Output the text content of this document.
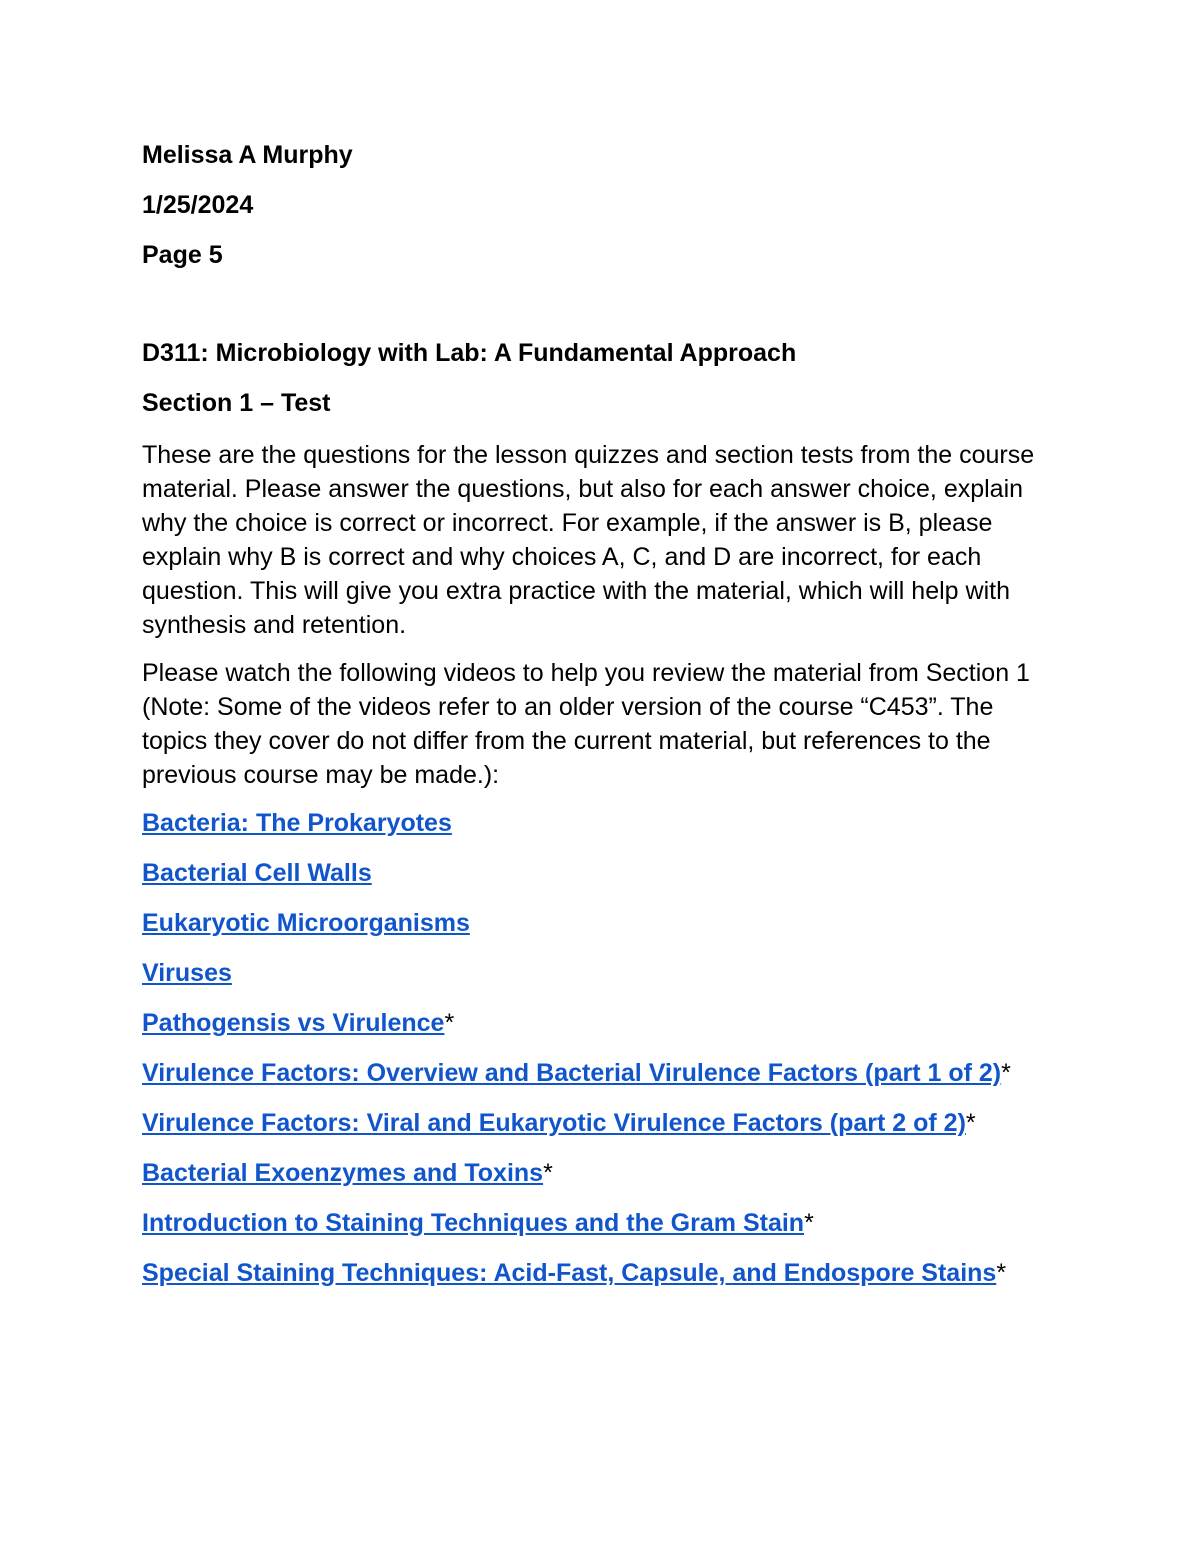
Melissa A Murphy
1/25/2024
Page 5
D311: Microbiology with Lab: A Fundamental Approach
Section 1 – Test

These are the questions for the lesson quizzes and section tests from the course material. Please answer the questions, but also for each answer choice, explain why the choice is correct or incorrect. For example, if the answer is B, please explain why B is correct and why choices A, C, and D are incorrect, for each question. This will give you extra practice with the material, which will help with synthesis and retention.

Please watch the following videos to help you review the material from Section 1 (Note: Some of the videos refer to an older version of the course “C453”. The topics they cover do not differ from the current material, but references to the previous course may be made.):

Bacteria: The Prokaryotes
Bacterial Cell Walls
Eukaryotic Microorganisms
Viruses
Pathogensis vs Virulence*
Virulence Factors: Overview and Bacterial Virulence Factors (part 1 of 2)*
Virulence Factors: Viral and Eukaryotic Virulence Factors (part 2 of 2)*
Bacterial Exoenzymes and Toxins*
Introduction to Staining Techniques and the Gram Stain*
Special Staining Techniques: Acid-Fast, Capsule, and Endospore Stains*
